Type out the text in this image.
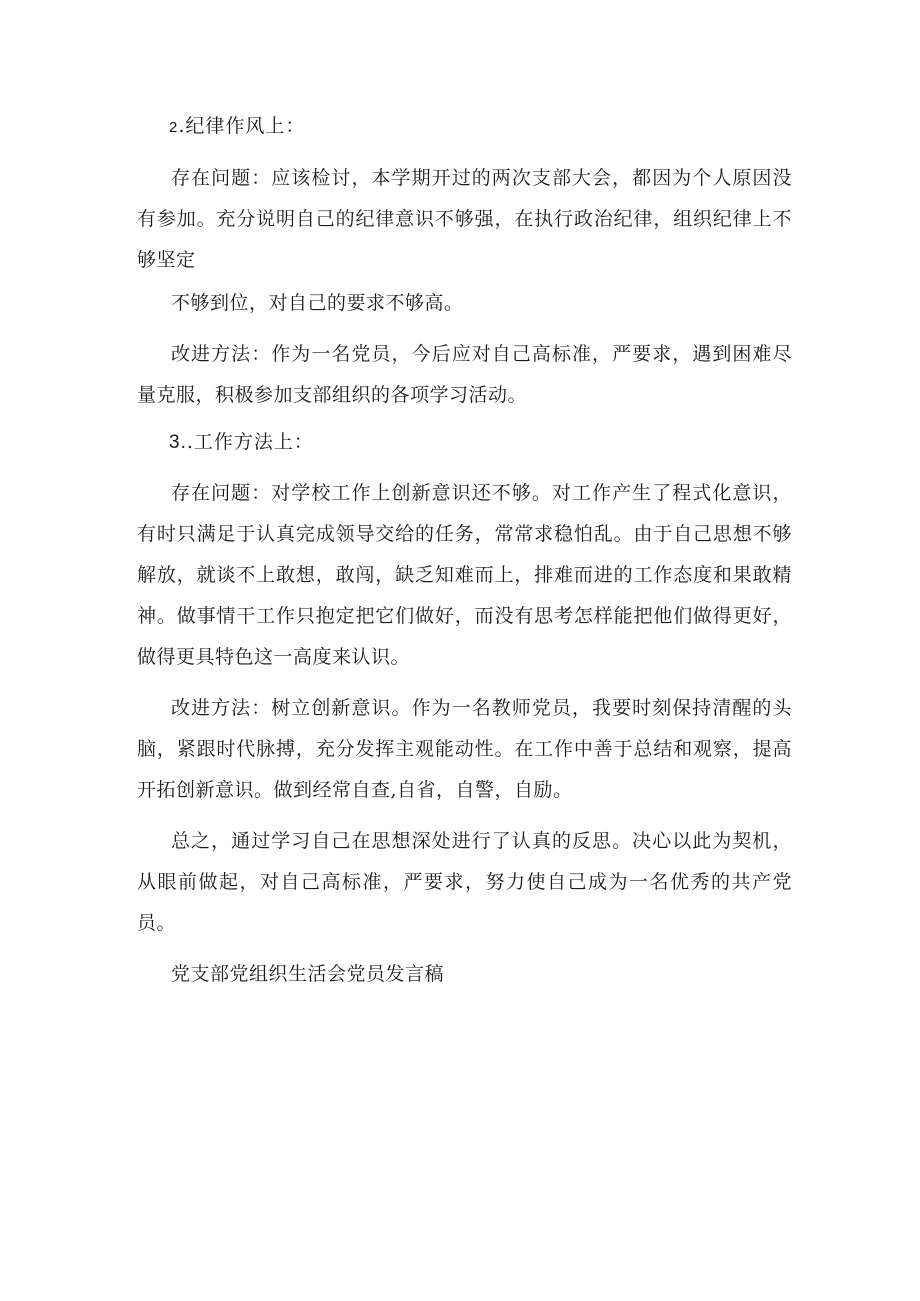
2.纪律作风上：

存在问题：应该检讨，本学期开过的两次支部大会，都因为个人原因没有参加。充分说明自己的纪律意识不够强，在执行政治纪律，组织纪律上不够坚定

不够到位，对自己的要求不够高。

改进方法：作为一名党员，今后应对自己高标准，严要求，遇到困难尽量克服，积极参加支部组织的各项学习活动。

3..工作方法上：

存在问题：对学校工作上创新意识还不够。对工作产生了程式化意识，有时只满足于认真完成领导交给的任务，常常求稳怕乱。由于自己思想不够解放，就谈不上敢想，敢闯，缺乏知难而上，排难而进的工作态度和果敢精神。做事情干工作只抱定把它们做好，而没有思考怎样能把他们做得更好，做得更具特色这一高度来认识。

改进方法：树立创新意识。作为一名教师党员，我要时刻保持清醒的头脑，紧跟时代脉搏，充分发挥主观能动性。在工作中善于总结和观察，提高开拓创新意识。做到经常自查,自省，自警，自励。

总之，通过学习自己在思想深处进行了认真的反思。决心以此为契机，从眼前做起，对自己高标准，严要求，努力使自己成为一名优秀的共产党员。

党支部党组织生活会党员发言稿
